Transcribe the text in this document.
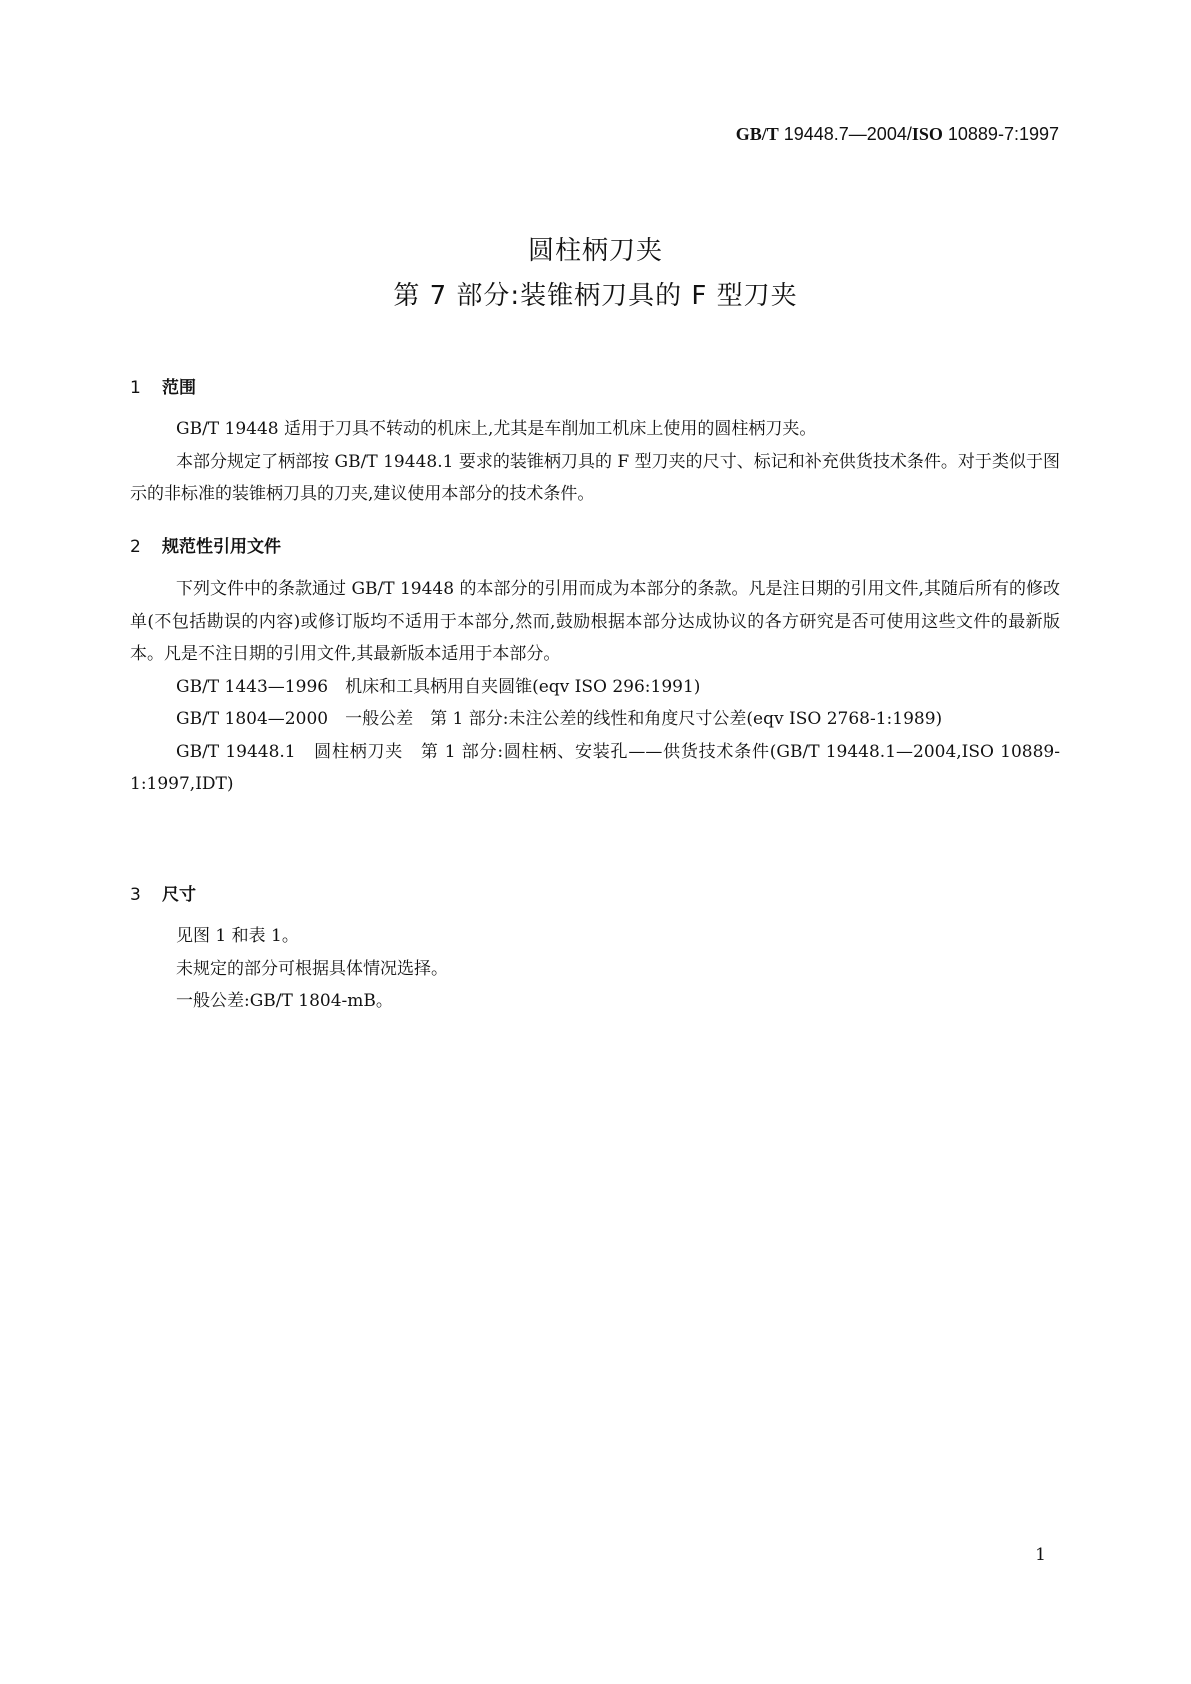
GB/T 19448.7—2004/ISO 10889-7:1997
圆柱柄刀夹
第 7 部分:装锥柄刀具的 F 型刀夹
1 范围

GB/T 19448 适用于刀具不转动的机床上,尤其是车削加工机床上使用的圆柱柄刀夹。

本部分规定了柄部按 GB/T 19448.1 要求的装锥柄刀具的 F 型刀夹的尺寸、标记和补充供货技术条件。对于类似于图示的非标准的装锥柄刀具的刀夹,建议使用本部分的技术条件。

2 规范性引用文件

下列文件中的条款通过 GB/T 19448 的本部分的引用而成为本部分的条款。凡是注日期的引用文件,其随后所有的修改单(不包括勘误的内容)或修订版均不适用于本部分,然而,鼓励根据本部分达成协议的各方研究是否可使用这些文件的最新版本。凡是不注日期的引用文件,其最新版本适用于本部分。

GB/T 1443—1996　机床和工具柄用自夹圆锥(eqv ISO 296:1991)

GB/T 1804—2000　一般公差　第 1 部分:未注公差的线性和角度尺寸公差(eqv ISO 2768-1:1989)

GB/T 19448.1　圆柱柄刀夹　第 1 部分:圆柱柄、安装孔——供货技术条件(GB/T 19448.1—2004,ISO 10889-1:1997,IDT)

3 尺寸

见图 1 和表 1。

未规定的部分可根据具体情况选择。

一般公差:GB/T 1804-mB。

1
